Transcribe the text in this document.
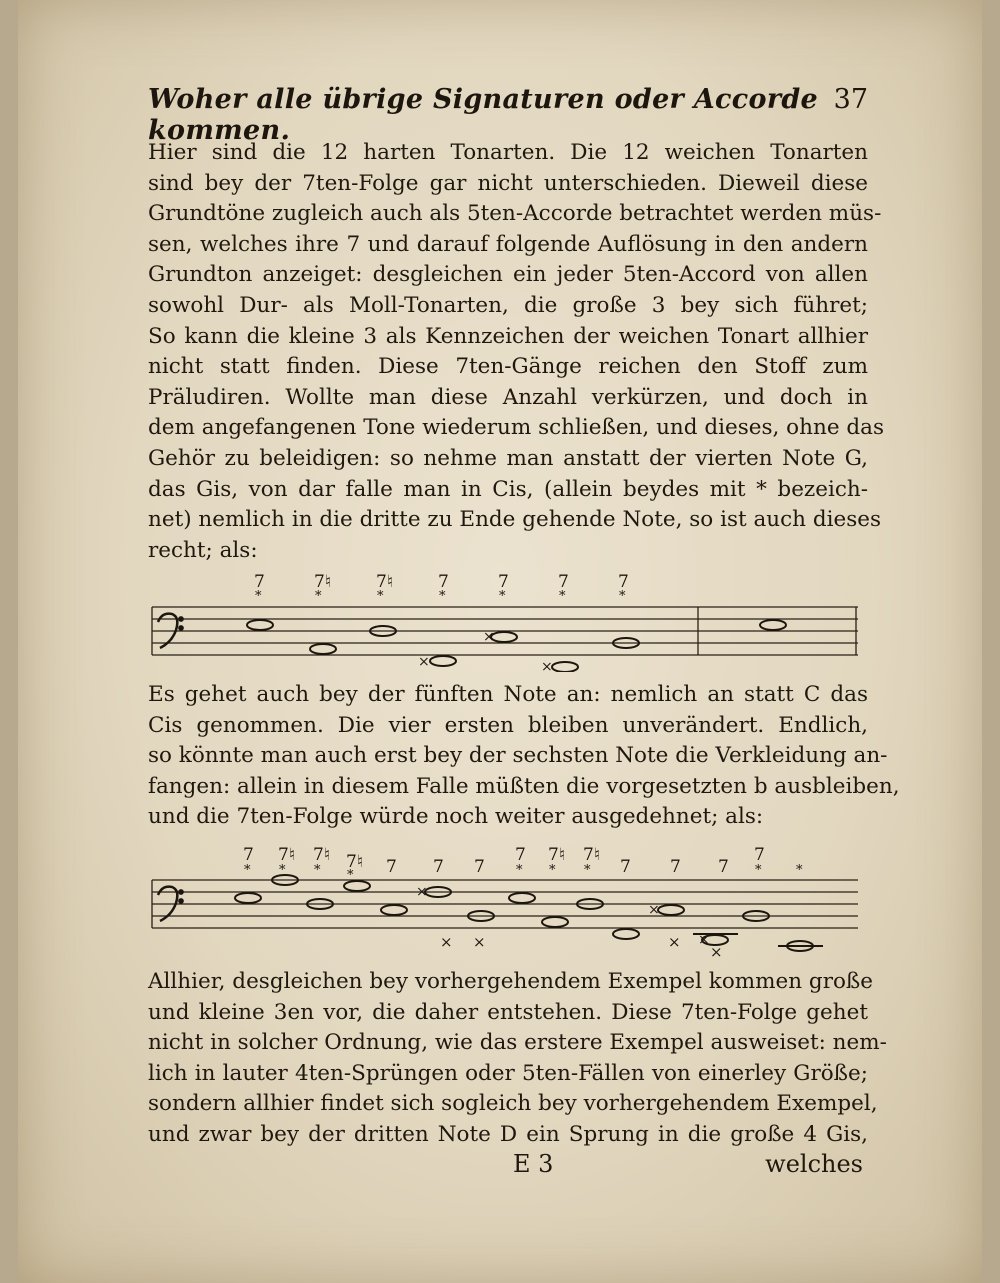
Woher alle übrige Signaturen oder Accorde kommen.
37
Hier sind die 12 harten Tonarten. Die 12 weichen Tonarten
sind bey der 7ten-Folge gar nicht unterschieden. Dieweil diese
Grundtöne zugleich auch als 5ten-Accorde betrachtet werden müs-
sen, welches ihre 7 und darauf folgende Auflösung in den andern
Grundton anzeiget: desgleichen ein jeder 5ten-Accord von allen
sowohl Dur- als Moll-Tonarten, die große 3 bey sich führet;
So kann die kleine 3 als Kennzeichen der weichen Tonart allhier
nicht statt finden. Diese 7ten-Gänge reichen den Stoff zum
Präludiren. Wollte man diese Anzahl verkürzen, und doch in
dem angefangenen Tone wiederum schließen, und dieses, ohne das
Gehör zu beleidigen: so nehme man anstatt der vierten Note G,
das Gis, von dar falle man in Cis, (allein beydes mit * bezeich-
net) nemlich in die dritte zu Ende gehende Note, so ist auch dieses
recht; als:
×
×
×
7	7♮	7♮	7	7	7	7
*	*	*	*	*	*	*
Es gehet auch bey der fünften Note an: nemlich an statt C das
Cis genommen. Die vier ersten bleiben unverändert. Endlich,
so könnte man auch erst bey der sechsten Note die Verkleidung an-
fangen: allein in diesem Falle müßten die vorgesetzten b ausbleiben,
und die 7ten-Folge würde noch weiter ausgedehnet; als:
×
×
×
7 7♮ 7♮ 7♮ 7 7 7
7 7♮ 7♮
7 7 7
7
* * * *	* * *	*	*
× ×	×
×
Allhier, desgleichen bey vorhergehendem Exempel kommen große
und kleine 3en vor, die daher entstehen. Diese 7ten-Folge gehet
nicht in solcher Ordnung, wie das erstere Exempel ausweiset: nem-
lich in lauter 4ten-Sprüngen oder 5ten-Fällen von einerley Größe;
sondern allhier findet sich sogleich bey vorhergehendem Exempel,
und zwar bey der dritten Note D ein Sprung in die große 4 Gis,
E 3	welches
